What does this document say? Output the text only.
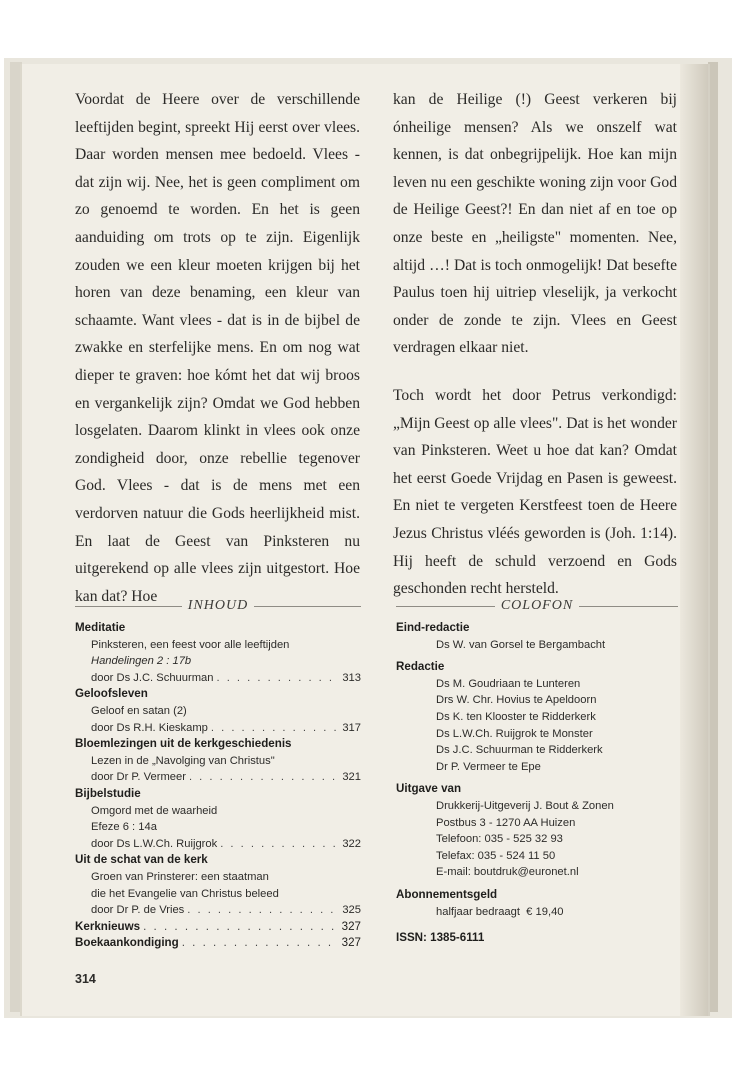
Voordat de Heere over de verschillende leeftijden begint, spreekt Hij eerst over vlees. Daar worden mensen mee bedoeld. Vlees - dat zijn wij. Nee, het is geen compliment om zo genoemd te worden. En het is geen aanduiding om trots op te zijn. Eigenlijk zouden we een kleur moeten krijgen bij het horen van deze benaming, een kleur van schaamte. Want vlees - dat is in de bijbel de zwakke en sterfelijke mens. En om nog wat dieper te graven: hoe kómt het dat wij broos en vergankelijk zijn? Omdat we God hebben losgelaten. Daarom klinkt in vlees ook onze zondigheid door, onze rebellie tegenover God. Vlees - dat is de mens met een verdorven natuur die Gods heerlijkheid mist. En laat de Geest van Pinksteren nu uitgerekend op alle vlees zijn uitgestort. Hoe kan dat? Hoe

kan de Heilige (!) Geest verkeren bij ónheilige mensen? Als we onszelf wat kennen, is dat onbegrijpelijk. Hoe kan mijn leven nu een geschikte woning zijn voor God de Heilige Geest?! En dan niet af en toe op onze beste en „heiligste" momenten. Nee, altijd …! Dat is toch onmogelijk! Dat besefte Paulus toen hij uitriep vleselijk, ja verkocht onder de zonde te zijn. Vlees en Geest verdragen elkaar niet.

Toch wordt het door Petrus verkondigd: „Mijn Geest op alle vlees". Dat is het wonder van Pinksteren. Weet u hoe dat kan? Omdat het eerst Goede Vrijdag en Pasen is geweest. En niet te vergeten Kerstfeest toen de Heere Jezus Christus vléés geworden is (Joh. 1:14). Hij heeft de schuld verzoend en Gods geschonden recht hersteld.

INHOUD	COLOFON
Meditatie
Pinksteren, een feest voor alle leeftijden
Handelingen 2 : 17b
door Ds J.C. Schuurman . . .	313
Geloofsleven
Geloof en satan (2)
door Ds R.H. Kieskamp . . .	317
Bloemlezingen uit de kerkgeschiedenis
Lezen in de „Navolging van Christus"
door Dr P. Vermeer . . .	321
Bijbelstudie
Omgord met de waarheid
Efeze 6 : 14a
door Ds L.W.Ch. Ruijgrok . . .	322
Uit de schat van de kerk
Groen van Prinsterer: een staatman
die het Evangelie van Christus beleed
door Dr P. de Vries . . .	325
Kerknieuws . . .	327
Boekaankondiging . . .	327
Eind-redactie
Ds W. van Gorsel te Bergambacht
Redactie
Ds M. Goudriaan te Lunteren
Drs W. Chr. Hovius te Apeldoorn
Ds K. ten Klooster te Ridderkerk
Ds L.W.Ch. Ruijgrok te Monster
Ds J.C. Schuurman te Ridderkerk
Dr P. Vermeer te Epe
Uitgave van
Drukkerij-Uitgeverij J. Bout & Zonen
Postbus 3 - 1270 AA Huizen
Telefoon: 035 - 525 32 93
Telefax: 035 - 524 11 50
E-mail: boutdruk@euronet.nl
Abonnementsgeld
halfjaar bedraagt  € 19,40
ISSN: 1385-6111
314
